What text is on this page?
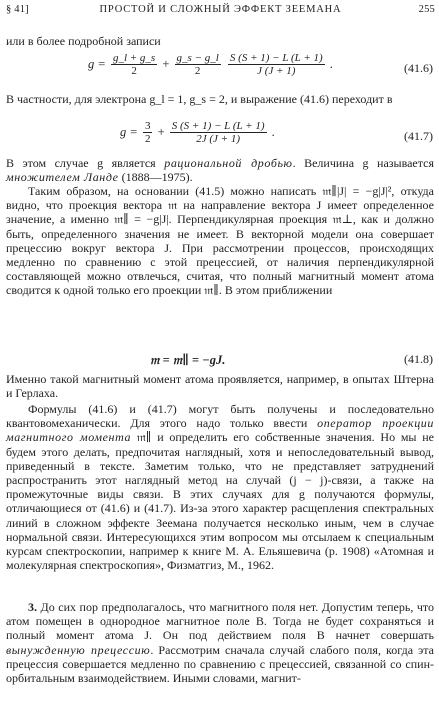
§ 41]	ПРОСТОЙ И СЛОЖНЫЙ ЭФФЕКТ ЗЕЕМАНА	255
или в более подробной записи
$g = \frac{g\_l + g\_s}{2} + \frac{g\_s - g\_l}{2}$
$\frac{S (S + 1) - L (L + 1)}{J (J + 1)}$ .	(41.6)
В частности, для электрона g_l = 1, g_s = 2, и выражение (41.6) переходит в
$g = \frac{3}{2} + \frac{S (S + 1) - L (L + 1)}{2J (J + 1)}$ .	(41.7)
В этом случае g является рациональной дробью. Величина g называется множителем Ланде (1888—1975).
Таким образом, на основании (41.5) можно написать 𝔪∥|J| = −g|J|², откуда видно, что проекция вектора 𝔪 на направление вектора J имеет определенное значение, а именно 𝔪∥ = −g|J|. Перпендикулярная проекция 𝔪⊥, как и должно быть, определенного значения не имеет. В векторной модели она совершает прецессию вокруг вектора J. При рассмотрении процессов, происходящих медленно по сравнению с этой прецессией, от наличия перпендикулярной составляющей можно отвлечься, считая, что полный магнитный момент атома сводится к одной только его проекции 𝔪∥. В этом приближении
𝔪 = 𝔪∥ = −gJ.	(41.8)
Именно такой магнитный момент атома проявляется, например, в опытах Штерна и Герлаха.
Формулы (41.6) и (41.7) могут быть получены и последовательно квантовомеханически. Для этого надо только ввести оператор проекции магнитного момента 𝔪∥ и определить его собственные значения. Но мы не будем этого делать, предпочитая наглядный, хотя и непоследовательный вывод, приведенный в тексте. Заметим только, что не представляет затруднений распространить этот наглядный метод на случай (j − j)-связи, а также на промежуточные виды связи. В этих случаях для g получаются формулы, отличающиеся от (41.6) и (41.7). Из-за этого характер расщепления спектральных линий в сложном эффекте Зеемана получается несколько иным, чем в случае нормальной связи. Интересующихся этим вопросом мы отсылаем к специальным курсам спектроскопии, например к книге М. А. Ельяшевича (р. 1908) «Атомная и молекулярная спектроскопия», Физматгиз, М., 1962.
3. До сих пор предполагалось, что магнитного поля нет. Допустим теперь, что атом помещен в однородное магнитное поле B. Тогда не будет сохраняться и полный момент атома J. Он под действием поля B начнет совершать вынужденную прецессию. Рассмотрим сначала случай слабого поля, когда эта прецессия совершается медленно по сравнению с прецессией, связанной со спин-орбитальным взаимодействием. Иными словами, магнит-
